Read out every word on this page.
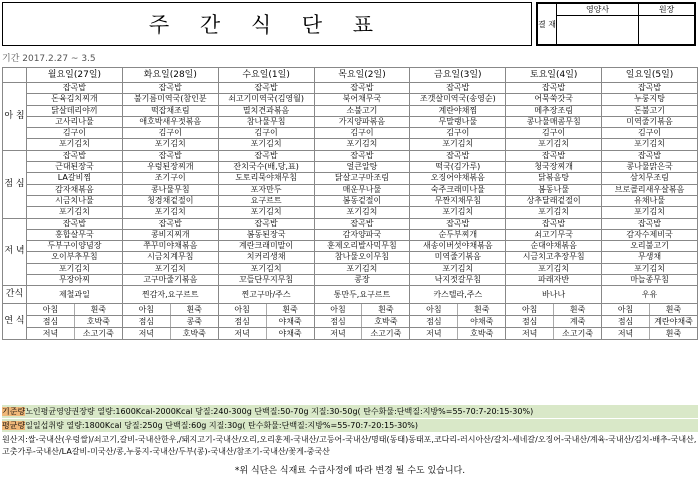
주 간 식 단 표	결 재	영양사	원장

기간 2017.2.27 ~ 3.5
	월요일(27일)	화요일(28일)	수요일(1일)	목요일(2일)	금요일(3일)	토요일(4일)	일요일(5일)
아 침	잡곡밥	잡곡밥	잡곡밥	잡곡밥	잡곡밥	잡곡밥	잡곡밥
	돈육김치찌개	불기름미역국(참인분	쇠고기미역국(김영월)	북어채무국	조갯살미역국(송영순)	어묵쑥갓국	누룽지탕
	닭살데리야끼	떡잡채조림	멸치견과볶음	소불고기	계란야채찜	메추장조림	돈불고기
	고사리나물	애호박새우젓볶음	참나물무침	가지양파볶음	무말랭나물	콩나물매콤무침	미역줄기볶음
	김구이	김구이	김구이	김구이	김구이	김구이	김구이
	포기김치	포기김치	포기김치	포기김치	포기김치	포기김치	포기김치
점 심	잡곡밥	잡곡밥	잡곡밥	잡곡밥	잡곡밥	잡곡밥	잡곡밥
	근대된장국	우렁된장찌개	잔치국수(배,당,표)	얼큰알탕	떡국(김가루)	청국장찌개	콩나물맑은국
	LA갈비찜	조기구이	도토리묵야채무침	닭살고구마조림	오징어야채볶음	닭볶음탕	삼치무조림
	감자채볶음	콩나물무침	포자만두	매운무나물	숙주크래미나물	봄동나물	브로콜리새우살볶음
	시금치나물	청경채겉절이	요구르트	봄동겉절이	무짠지채무침	상추달래겉절이	유채나물
	포기김치	포기김치	포기김치	포기김치	포기김치	포기김치	포기김치
저 녁	잡곡밥	잡곡밥	잡곡밥	잡곡밥	잡곡밥	잡곡밥	잡곡밥
	홍합살무국	콩비지찌개	봄동된장국	감자양파국	순두부찌개	쇠고기무국	감자수제비국
	두부구이양념장	쭈꾸미야채볶음	계란크래미말이	훈제오리발사믹무침	새송이버섯야채볶음	순대야채볶음	오리불고기
	오이부추무침	시금치계무침	치커리생채	참나물오이무침	미역줄기볶음	시금치고추장무침	무생채
	포기김치	포기김치	포기김치	포기김치	포기김치	포기김치	포기김치
	무장아찌	고구마줄기볶음	꼬들단무지무침	콩장	낙지젓갈무침	파래자반	마늘종무침
간식	제철과일	찐감자,요구르트	찐고구마/주스	통만두,요구르트	카스텔라,주스	바나나	우유
연 식	아침 흰죽	아침 흰죽	아침 흰죽	아침 흰죽	아침 흰죽	아침 흰죽	아침 흰죽

	점심 호박죽	점심 콩죽	점심 야채죽	점심 호박죽	점심 야채죽	점심 계죽	점심 계란야채죽

	저녁 소고기죽	저녁 호박죽	저녁 야채죽	저녁 소고기죽	저녁 호박죽	저녁 소고기죽	저녁 흰죽
기준량노인평균영양권장량 열량:1600Kcal-2000Kcal 당질:240-300g 단백질:50-70g 지질:30-50g( 탄수화물:단백질:지방%=55-70:7-20:15-30%)
평균량일일섭취량 열량:1800Kcal 당질:250g 단백질:60g 지질:30g( 탄수화물:단백질:지방%=55-70:7-20:15-30%)
원산지:쌀-국내산(우렁쌀)/쇠고기,갈비-국내산한우,/돼지고기-국내산/오리,오리훈제-국내산/고등어-국내산/명태(동태)동태포,코다리-러시아산/갈치-세네갈/오징어-국내산/계육-국내산/김치-배추-국내산,고춧가루-국내산/LA갈비-미국산/콩,누룽지-국내산/두부(콩)-국내산/참조기-국내산/꽃게-중국산
*위 식단은 식재료 수급사정에 따라 변경 될 수도 있습니다.
